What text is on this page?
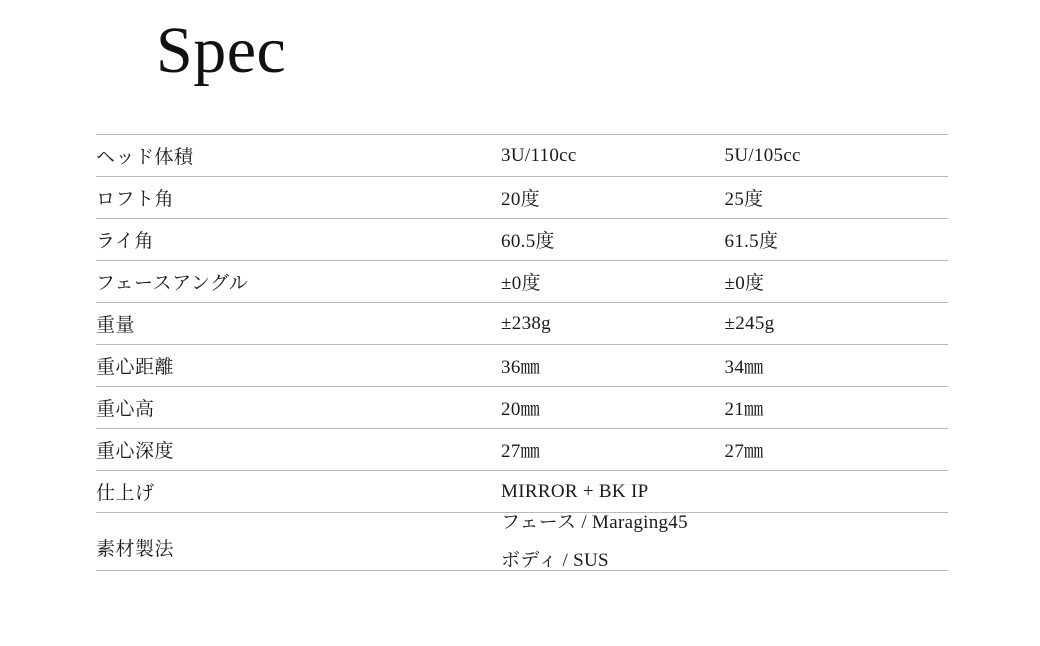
Spec
ヘッド体積	3U/110cc	5U/105cc
ロフト角	20度	25度
ライ角	60.5度	61.5度
フェースアングル	±0度	±0度
重量	±238g	±245g
重心距離	36㎜	34㎜
重心高	20㎜	21㎜
重心深度	27㎜	27㎜
仕上げ	MIRROR + BK IP	
素材製法	フェース / Maraging45
ボディ / SUS	
